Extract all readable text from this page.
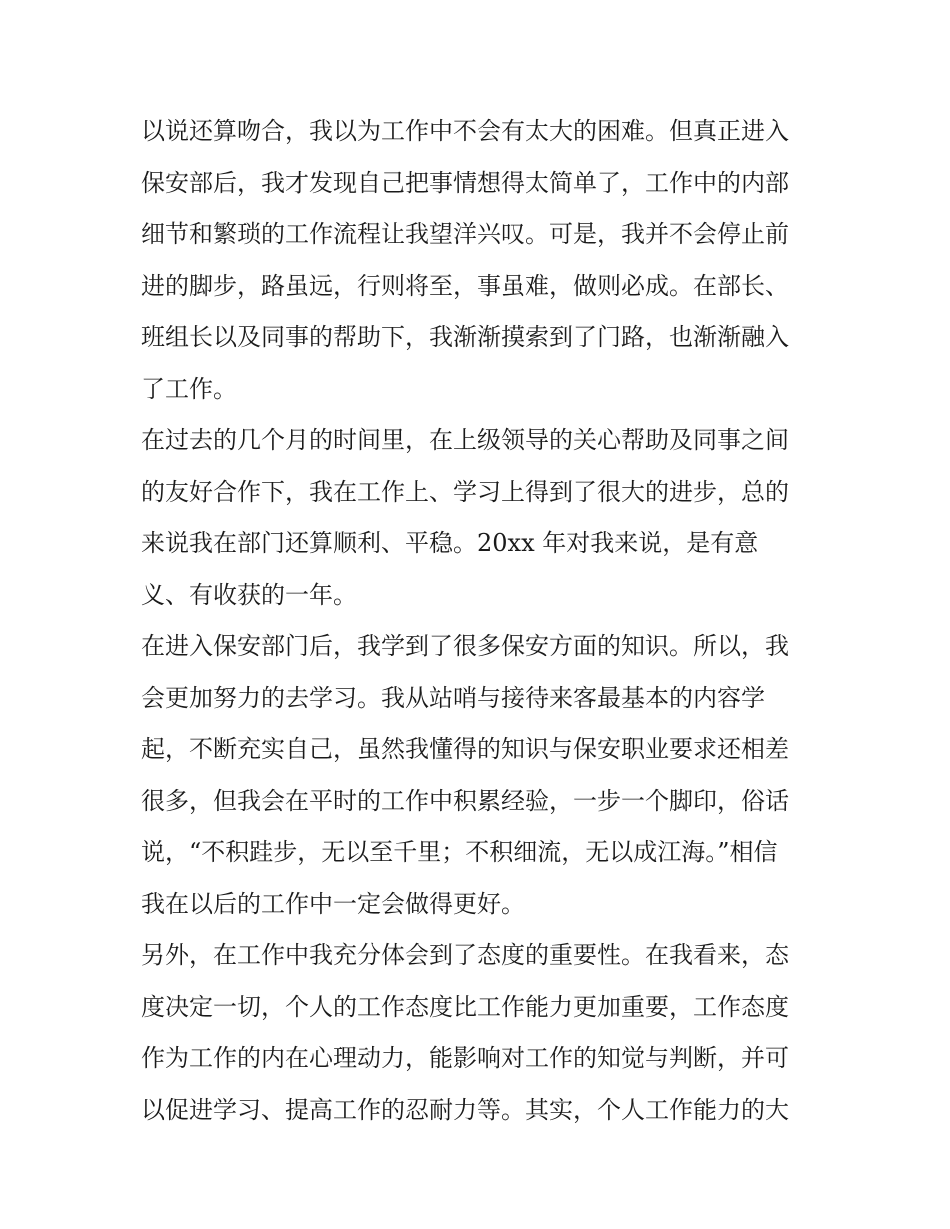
以说还算吻合，我以为工作中不会有太大的困难。但真正进入
保安部后，我才发现自己把事情想得太简单了，工作中的内部
细节和繁琐的工作流程让我望洋兴叹。可是，我并不会停止前
进的脚步，路虽远，行则将至，事虽难，做则必成。在部长、
班组长以及同事的帮助下，我渐渐摸索到了门路，也渐渐融入
了工作。
在过去的几个月的时间里，在上级领导的关心帮助及同事之间
的友好合作下，我在工作上、学习上得到了很大的进步，总的
来说我在部门还算顺利、平稳。20xx 年对我来说，是有意
义、有收获的一年。
在进入保安部门后，我学到了很多保安方面的知识。所以，我
会更加努力的去学习。我从站哨与接待来客最基本的内容学
起，不断充实自己，虽然我懂得的知识与保安职业要求还相差
很多，但我会在平时的工作中积累经验，一步一个脚印，俗话
说，“不积跬步，无以至千里；不积细流，无以成江海。”相信
我在以后的工作中一定会做得更好。
另外，在工作中我充分体会到了态度的重要性。在我看来，态
度决定一切，个人的工作态度比工作能力更加重要，工作态度
作为工作的内在心理动力，能影响对工作的知觉与判断，并可
以促进学习、提高工作的忍耐力等。其实，个人工作能力的大
